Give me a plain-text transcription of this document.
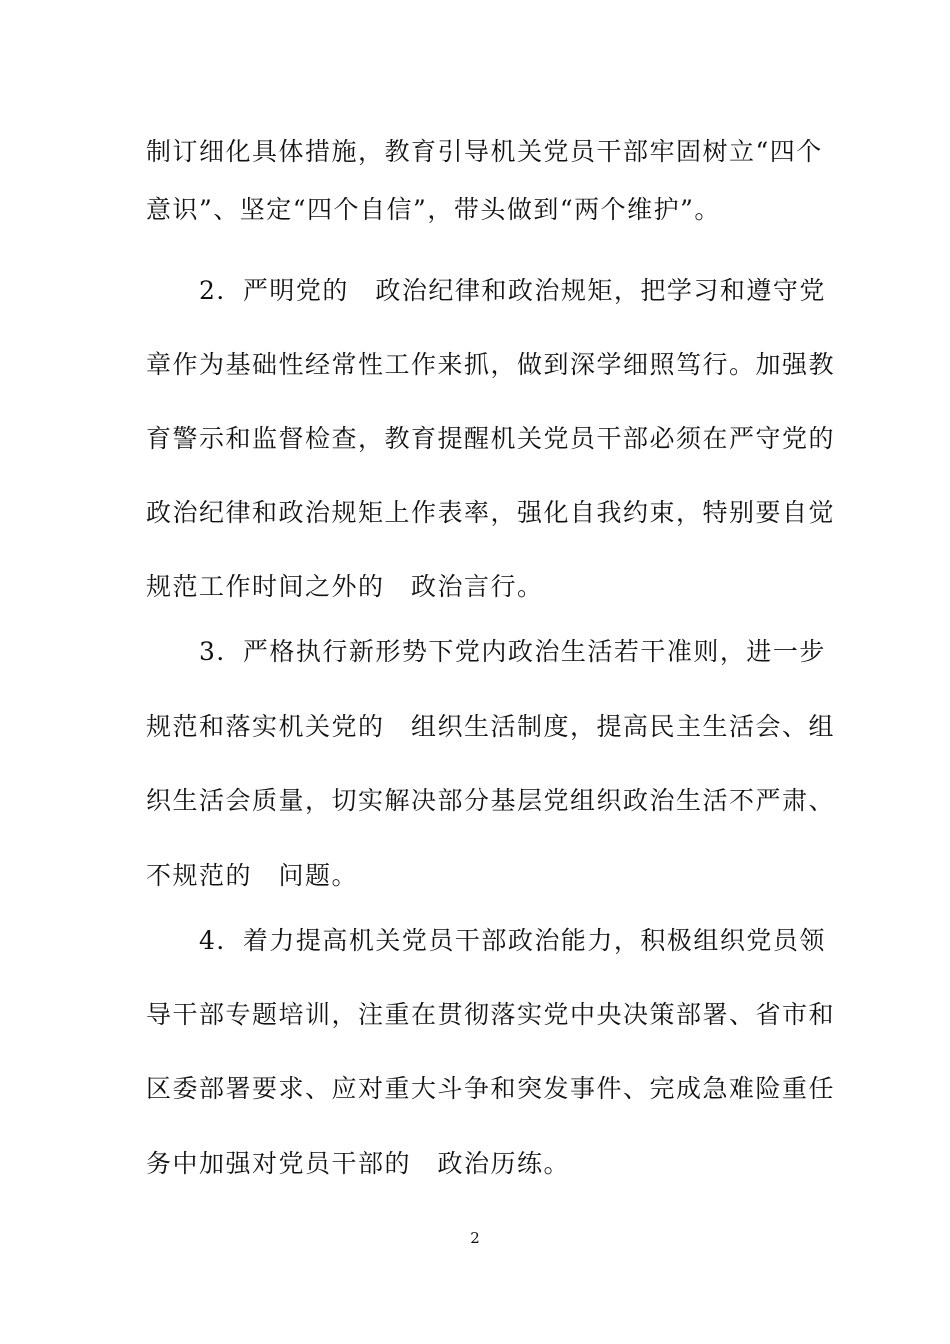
制订细化具体措施，教育引导机关党员干部牢固树立“四个
意识”、坚定“四个自信”，带头做到“两个维护”。
　　2．严明党的　政治纪律和政治规矩，把学习和遵守党
章作为基础性经常性工作来抓，做到深学细照笃行。加强教
育警示和监督检查，教育提醒机关党员干部必须在严守党的
政治纪律和政治规矩上作表率，强化自我约束，特别要自觉
规范工作时间之外的　政治言行。
　　3．严格执行新形势下党内政治生活若干准则，进一步
规范和落实机关党的　组织生活制度，提高民主生活会、组
织生活会质量，切实解决部分基层党组织政治生活不严肃、
不规范的　问题。
　　4．着力提高机关党员干部政治能力，积极组织党员领
导干部专题培训，注重在贯彻落实党中央决策部署、省市和
区委部署要求、应对重大斗争和突发事件、完成急难险重任
务中加强对党员干部的　政治历练。
2
